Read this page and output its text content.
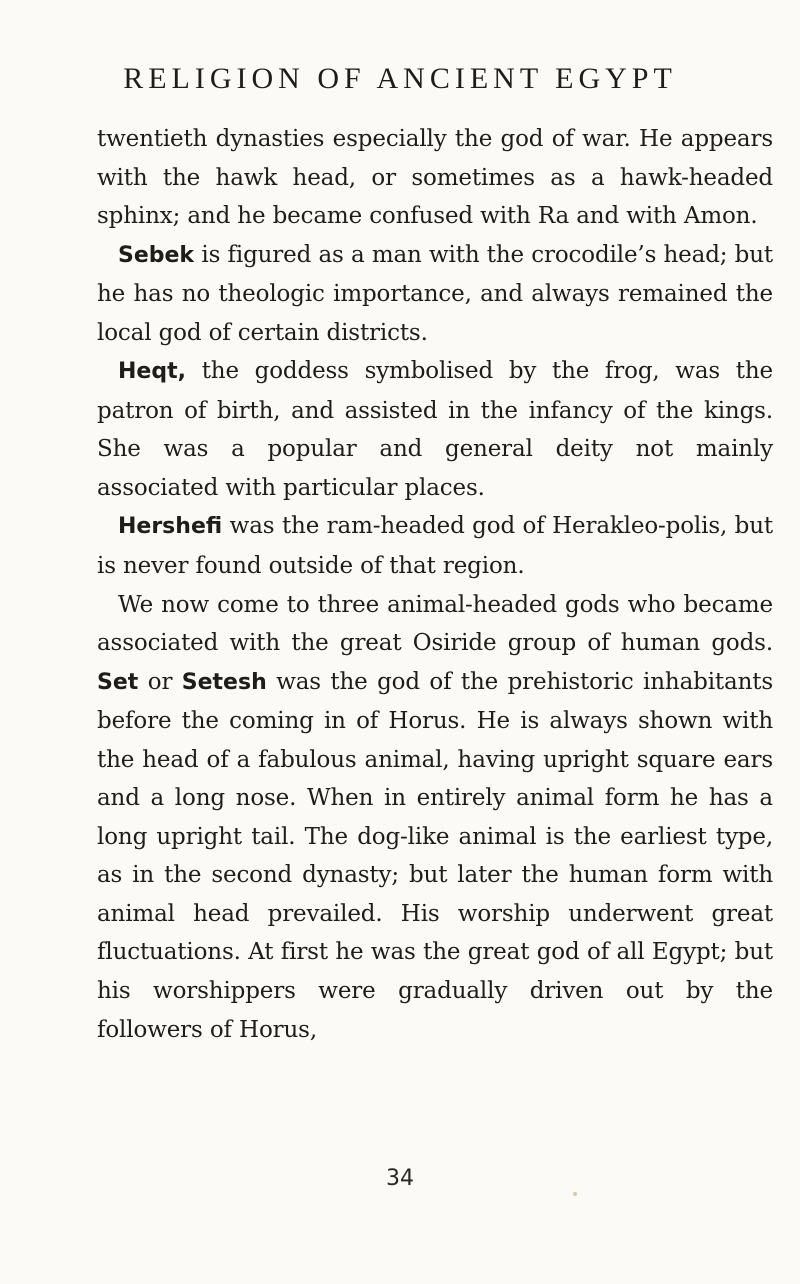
RELIGION OF ANCIENT EGYPT

twentieth dynasties especially the god of war. He appears with the hawk head, or sometimes as a hawk-headed sphinx; and he became confused with Ra and with Amon.

Sebek is figured as a man with the crocodile’s head; but he has no theologic importance, and always remained the local god of certain districts.

Heqt, the goddess symbolised by the frog, was the patron of birth, and assisted in the infancy of the kings. She was a popular and general deity not mainly associated with particular places.

Hershefi was the ram-headed god of Herakleo-polis, but is never found outside of that region.

We now come to three animal-headed gods who became associated with the great Osiride group of human gods. Set or Setesh was the god of the prehistoric inhabitants before the coming in of Horus. He is always shown with the head of a fabulous animal, having upright square ears and a long nose. When in entirely animal form he has a long upright tail. The dog-like animal is the earliest type, as in the second dynasty; but later the human form with animal head prevailed. His worship underwent great fluctuations. At first he was the great god of all Egypt; but his worshippers were gradually driven out by the followers of Horus,

34
